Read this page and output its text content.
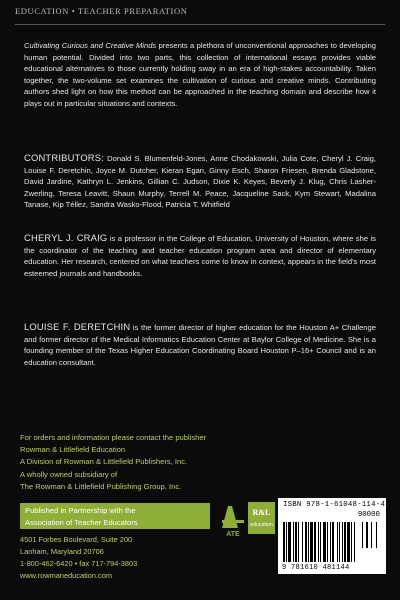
EDUCATION • TEACHER PREPARATION

Cultivating Curious and Creative Minds presents a plethora of unconventional approaches to developing human potential. Divided into two parts, this collection of international essays provides viable educational alternatives to those currently holding sway in an era of high-stakes accountability. Taken together, the two-volume set examines the cultivation of curious and creative minds. Contributing authors shed light on how this method can be approached in the teaching domain and describe how it plays out in particular situations and contexts.

CONTRIBUTORS: Donald S. Blumenfeld-Jones, Anne Chodakowski, Julia Cote, Cheryl J. Craig, Louise F. Deretchin, Joyce M. Dutcher, Kieran Egan, Ginny Esch, Sharon Friesen, Brenda Gladstone, David Jardine, Kathryn L. Jenkins, Gillian C. Judson, Dixie K. Keyes, Beverly J. Klug, Chris Lasher-Zwerling, Teresa Leavitt, Shaun Murphy, Terrell M. Peace, Jacqueline Sack, Kym Stewart, Madalina Tanase, Kip Téllez, Sandra Wasko-Flood, Patricia T. Whitfield

CHERYL J. CRAIG is a professor in the College of Education, University of Houston, where she is the coordinator of the teaching and teacher education program area and director of elementary education. Her research, centered on what teachers come to know in context, appears in the field's most esteemed journals and handbooks.

LOUISE F. DERETCHIN is the former director of higher education for the Houston A+ Challenge and former director of the Medical Informatics Education Center at Baylor College of Medicine. She is a founding member of the Texas Higher Education Coordinating Board Houston P–16+ Council and is an education consultant.

For orders and information please contact the publisher
Rowman & Littlefield Education
A Division of Rowman & Littlefield Publishers, Inc.
A wholly owned subsidiary of
The Rowman & Littlefield Publishing Group, Inc.
Published in Partnership with the
Association of Teacher Educators
4501 Forbes Boulevard, Suite 200
Lanham, Maryland 20706
1-800-462-6420 • fax 717-794-3803
www.rowmaneducation.com
ATE
R&L
education
ISBN 978-1-61048-114-4
90000
9 781610 481144
